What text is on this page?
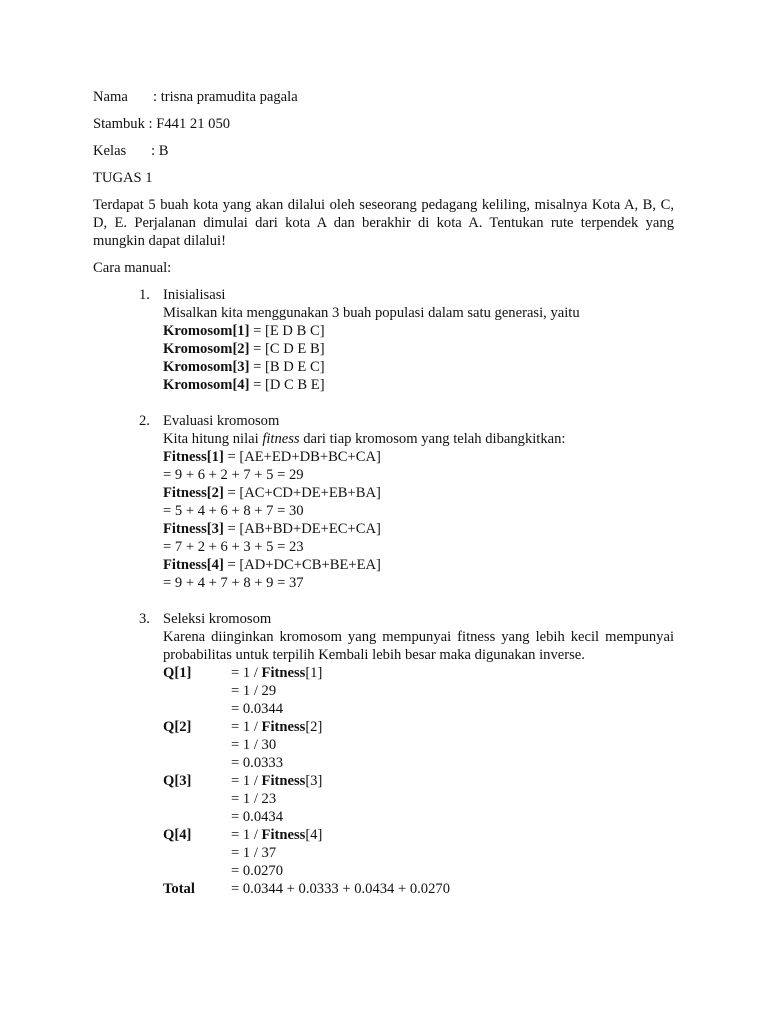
Nama : trisna pramudita pagala

Stambuk : F441 21 050

Kelas : B

TUGAS 1

Terdapat 5 buah kota yang akan dilalui oleh seseorang pedagang keliling, misalnya Kota A, B, C, D, E. Perjalanan dimulai dari kota A dan berakhir di kota A. Tentukan rute terpendek yang mungkin dapat dilalui!

Cara manual:

1. Inisialisasi
Misalkan kita menggunakan 3 buah populasi dalam satu generasi, yaitu
Kromosom[1] = [E D B C]
Kromosom[2] = [C D E B]
Kromosom[3] = [B D E C]
Kromosom[4] = [D C B E]
2. Evaluasi kromosom
Kita hitung nilai fitness dari tiap kromosom yang telah dibangkitkan:
Fitness[1] = [AE+ED+DB+BC+CA]
= 9 + 6 + 2 + 7 + 5 = 29
Fitness[2] = [AC+CD+DE+EB+BA]
= 5 + 4 + 6 + 8 + 7 = 30
Fitness[3] = [AB+BD+DE+EC+CA]
= 7 + 2 + 6 + 3 + 5 = 23
Fitness[4] = [AD+DC+CB+BE+EA]
= 9 + 4 + 7 + 8 + 9 = 37
3. Seleksi kromosom
Karena diinginkan kromosom yang mempunyai fitness yang lebih kecil mempunyai probabilitas untuk terpilih Kembali lebih besar maka digunakan inverse.
Q[1]	= 1 / Fitness[1]
= 1 / 29
= 0.0344
Q[2]	= 1 / Fitness[2]
= 1 / 30
= 0.0333
Q[3]	= 1 / Fitness[3]
= 1 / 23
= 0.0434
Q[4]	= 1 / Fitness[4]
= 1 / 37
= 0.0270
Total = 0.0344 + 0.0333 + 0.0434 + 0.0270
